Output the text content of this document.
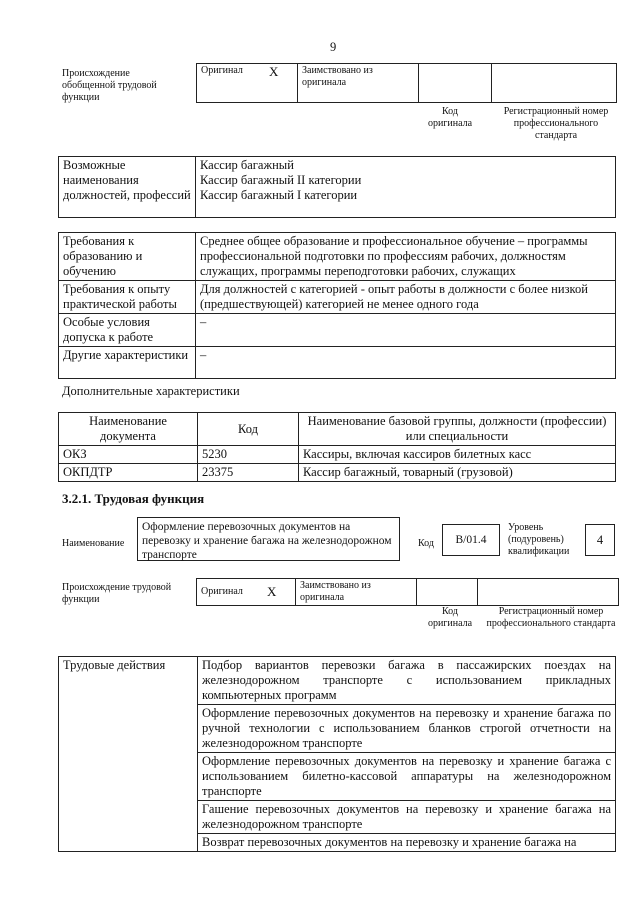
9
Происхождение обобщенной трудовой функции
Оригинал	X	Заимствовано из оригинала		
Код оригинала
Регистрационный номер профессионального стандарта
Возможные наименования должностей, профессий	
Кассир багажный
Кассир багажный II категории
Кассир багажный I категории
Требования к образованию и обучению	Среднее общее образование и профессиональное обучение – программы профессиональной подготовки по профессиям рабочих, должностям служащих, программы переподготовки рабочих, служащих
Требования к опыту практической работы	Для должностей с категорией - опыт работы в должности с более низкой (предшествующей) категорией не менее одного года
Особые условия допуска к работе	–
Другие характеристики	–
Дополнительные характеристики
Наименование документа	Код	Наименование базовой группы, должности (профессии) или специальности
ОКЗ	5230	Кассиры, включая кассиров билетных касс
ОКПДТР	23375	Кассир багажный, товарный (грузовой)
3.2.1. Трудовая функция
Наименование
Оформление перевозочных документов на перевозку и хранение багажа на железнодорожном транспорте
Код	B/01.4
Уровень (подуровень) квалификации
4
Происхождение трудовой функции
Оригинал	X	Заимствовано из оригинала		
Код оригинала
Регистрационный номер профессионального стандарта
Трудовые действия	Подбор вариантов перевозки багажа в пассажирских поездах на железнодорожном транспорте с использованием прикладных компьютерных программ
Оформление перевозочных документов на перевозку и хранение багажа по ручной технологии с использованием бланков строгой отчетности на железнодорожном транспорте
Оформление перевозочных документов на перевозку и хранение багажа с использованием билетно-кассовой аппаратуры на железнодорожном транспорте
Гашение перевозочных документов на перевозку и хранение багажа на железнодорожном транспорте
Возврат перевозочных документов на перевозку и хранение багажа на
